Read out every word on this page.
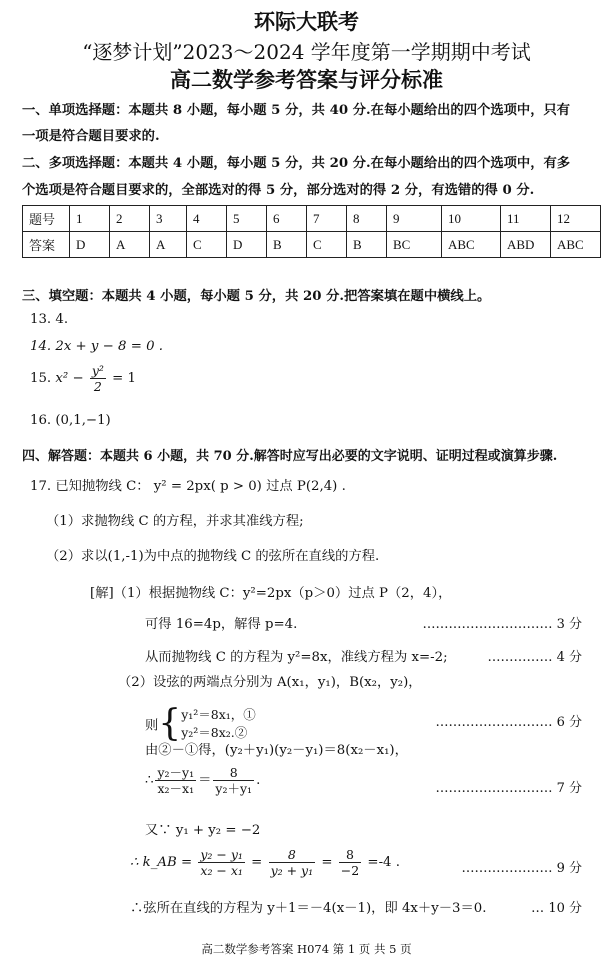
环际大联考
“逐梦计划”2023～2024 学年度第一学期期中考试
高二数学参考答案与评分标准
一、单项选择题：本题共 8 小题，每小题 5 分，共 40 分.在每小题给出的四个选项中，只有
一项是符合题目要求的.
二、多项选择题：本题共 4 小题，每小题 5 分，共 20 分.在每小题给出的四个选项中，有多
个选项是符合题目要求的，全部选对的得 5 分，部分选对的得 2 分，有选错的得 0 分.
题号	1	2	3	4	5	6	7	8	9	10	11	12
答案	D	A	A	C	D	B	C	B	BC	ABC	ABD	ABC
三、填空题：本题共 4 小题，每小题 5 分，共 20 分.把答案填在题中横线上。
13. 4.
14. 2x + y − 8 = 0 .
15. $x^2 - \frac{\text{y²}}{2} = 1$
16. (0,1,−1)
四、解答题：本题共 6 小题，共 70 分.解答时应写出必要的文字说明、证明过程或演算步骤.
17. 已知抛物线 C： y² = 2px( p > 0) 过点 P(2,4) .
（1）求抛物线 C 的方程，并求其准线方程;
（2）求以(1,-1)为中点的抛物线 C 的弦所在直线的方程.
[解]（1）根据抛物线 C：y²=2px（p＞0）过点 P（2，4），
可得 16=4p，解得 p=4.	………………………… 3 分
从而抛物线 C 的方程为 y²=8x，准线方程为 x=-2;	…………… 4 分
（2）设弦的两端点分别为 A(x₁，y₁)，B(x₂，y₂)，
则{ y₁²＝8x₁，①
y₂²＝8x₂.②
……………………… 6 分
由②－①得，(y₂＋y₁)(y₂－y₁)＝8(x₂－x₁)，
∴ $\frac{\text{y₂－y₁}}{\text{x₂－x₁}} = \frac{8}{\text{y₂＋y₁}}$ .
……………………… 7 分
又∵ y₁ + y₂ = −2
∴ k_AB = $\frac{\text{y₂ − y₁}}{\text{x₂ − x₁}} = \frac{8}{\text{y₂ + y₁}} = \frac{8}{-2} =-4$ .	………………… 9 分
∴弦所在直线的方程为 y＋1＝－4(x－1)，即 4x＋y－3＝0.	… 10 分
高二数学参考答案 H074 第 1 页 共 5 页
